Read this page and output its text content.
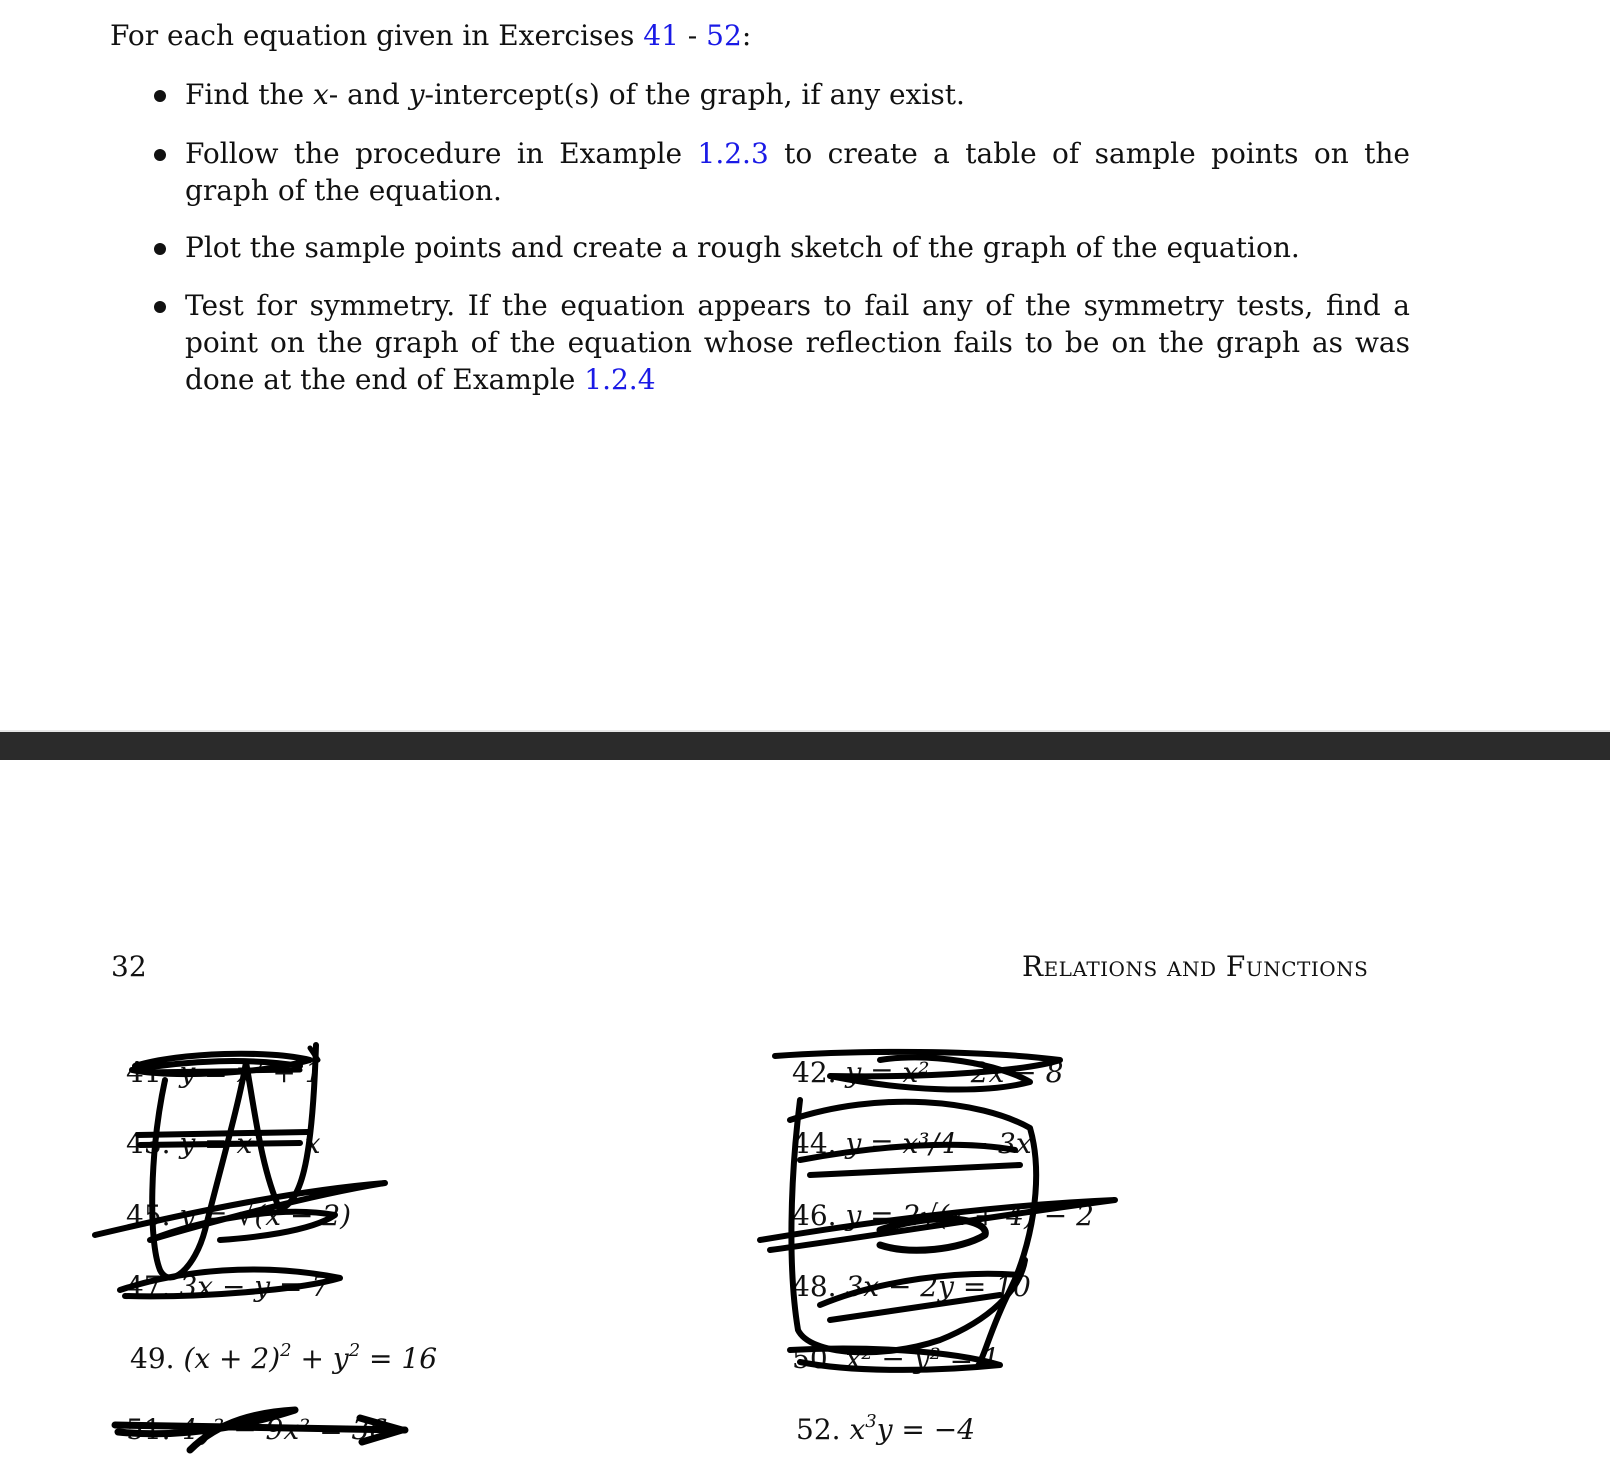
For each equation given in Exercises 41 - 52:
Find the x- and y-intercept(s) of the graph, if any exist.
Follow the procedure in Example 1.2.3 to create a table of sample points on the graph of the equation.
Plot the sample points and create a rough sketch of the graph of the equation.
Test for symmetry. If the equation appears to fail any of the symmetry tests, find a point on the graph of the equation whose reflection fails to be on the graph as was done at the end of Example 1.2.4
32	Relations and Functions
41. y = x² + 1	42. y = x² − 2x − 8
43. y = x³ − x	44. y = x³/4 − 3x
45. y = √(x − 2)	46. y = 2√(x + 4) − 2
47. 3x − y = 7	48. 3x − 2y = 10
49. $(x + 2)^2 + y^2 = 16$	50. x² − y² = 1
51. 4y² − 9x² = 36	52. $x^3y = -4$
